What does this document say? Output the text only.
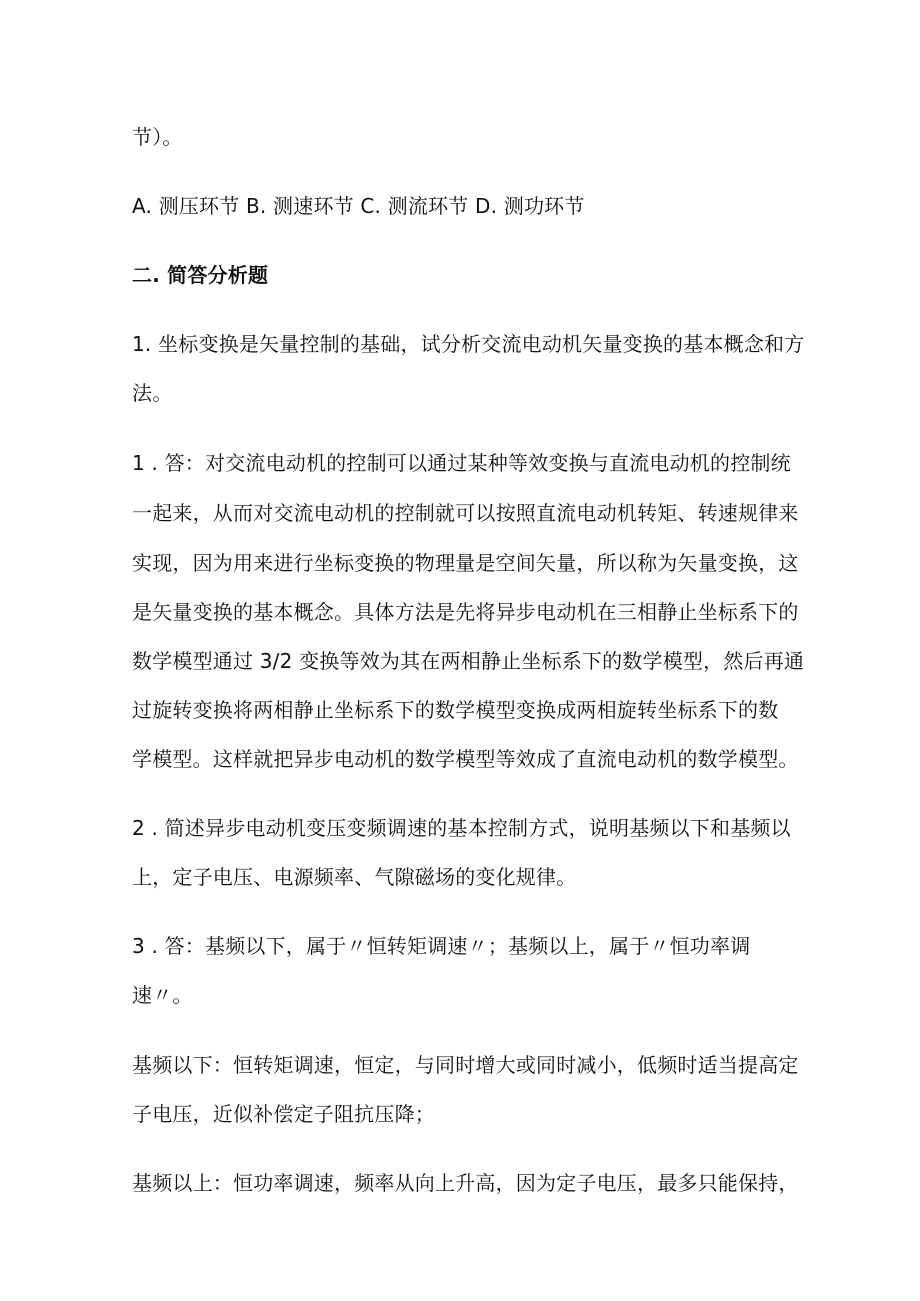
节）。
A. 测压环节 B. 测速环节 C. 测流环节 D. 测功环节
二. 简答分析题
1. 坐标变换是矢量控制的基础，试分析交流电动机矢量变换的基本概念和方
法。
1 . 答：对交流电动机的控制可以通过某种等效变换与直流电动机的控制统
一起来，从而对交流电动机的控制就可以按照直流电动机转矩、转速规律来
实现，因为用来进行坐标变换的物理量是空间矢量，所以称为矢量变换，这
是矢量变换的基本概念。具体方法是先将异步电动机在三相静止坐标系下的
数学模型通过 3/2 变换等效为其在两相静止坐标系下的数学模型，然后再通
过旋转变换将两相静止坐标系下的数学模型变换成两相旋转坐标系下的数
学模型。这样就把异步电动机的数学模型等效成了直流电动机的数学模型。
2 . 简述异步电动机变压变频调速的基本控制方式，说明基频以下和基频以
上，定子电压、电源频率、气隙磁场的变化规律。
3 . 答：基频以下，属于〃恒转矩调速〃；基频以上，属于〃恒功率调
速〃。
基频以下：恒转矩调速，恒定，与同时增大或同时减小，低频时适当提高定
子电压，近似补偿定子阻抗压降；
基频以上：恒功率调速，频率从向上升高，因为定子电压，最多只能保持，
